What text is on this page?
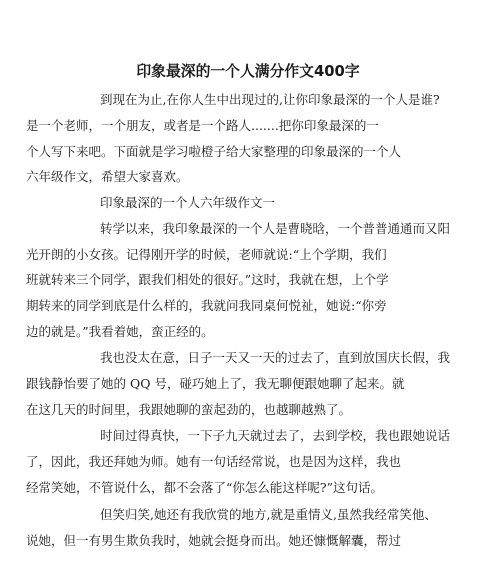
印象最深的一个人满分作文400字
到现在为止,在你人生中出现过的,让你印象最深的一个人是谁?
是一个老师，一个朋友，或者是一个路人.......把你印象最深的一
个人写下来吧。下面就是学习啦橙子给大家整理的印象最深的一个人
六年级作文，希望大家喜欢。
印象最深的一个人六年级作文一
转学以来，我印象最深的一个人是曹晓晗，一个普普通通而又阳
光开朗的小女孩。记得刚开学的时候，老师就说:“上个学期，我们
班就转来三个同学，跟我们相处的很好。”这时，我就在想，上个学
期转来的同学到底是什么样的，我就问我同桌何悦祉，她说:“你旁
边的就是。”我看着她，蛮正经的。
我也没太在意，日子一天又一天的过去了，直到放国庆长假，我
跟钱静怡要了她的 QQ 号，碰巧她上了，我无聊便跟她聊了起来。就
在这几天的时间里，我跟她聊的蛮起劲的，也越聊越熟了。
时间过得真快，一下子九天就过去了，去到学校，我也跟她说话
了，因此，我还拜她为师。她有一句话经常说，也是因为这样，我也
经常笑她，不管说什么，都不会落了“你怎么能这样呢?”这句话。
但笑归笑,她还有我欣赏的地方,就是重情义,虽然我经常笑他、
说她，但一有男生欺负我时，她就会挺身而出。她还慷慨解囊，帮过
